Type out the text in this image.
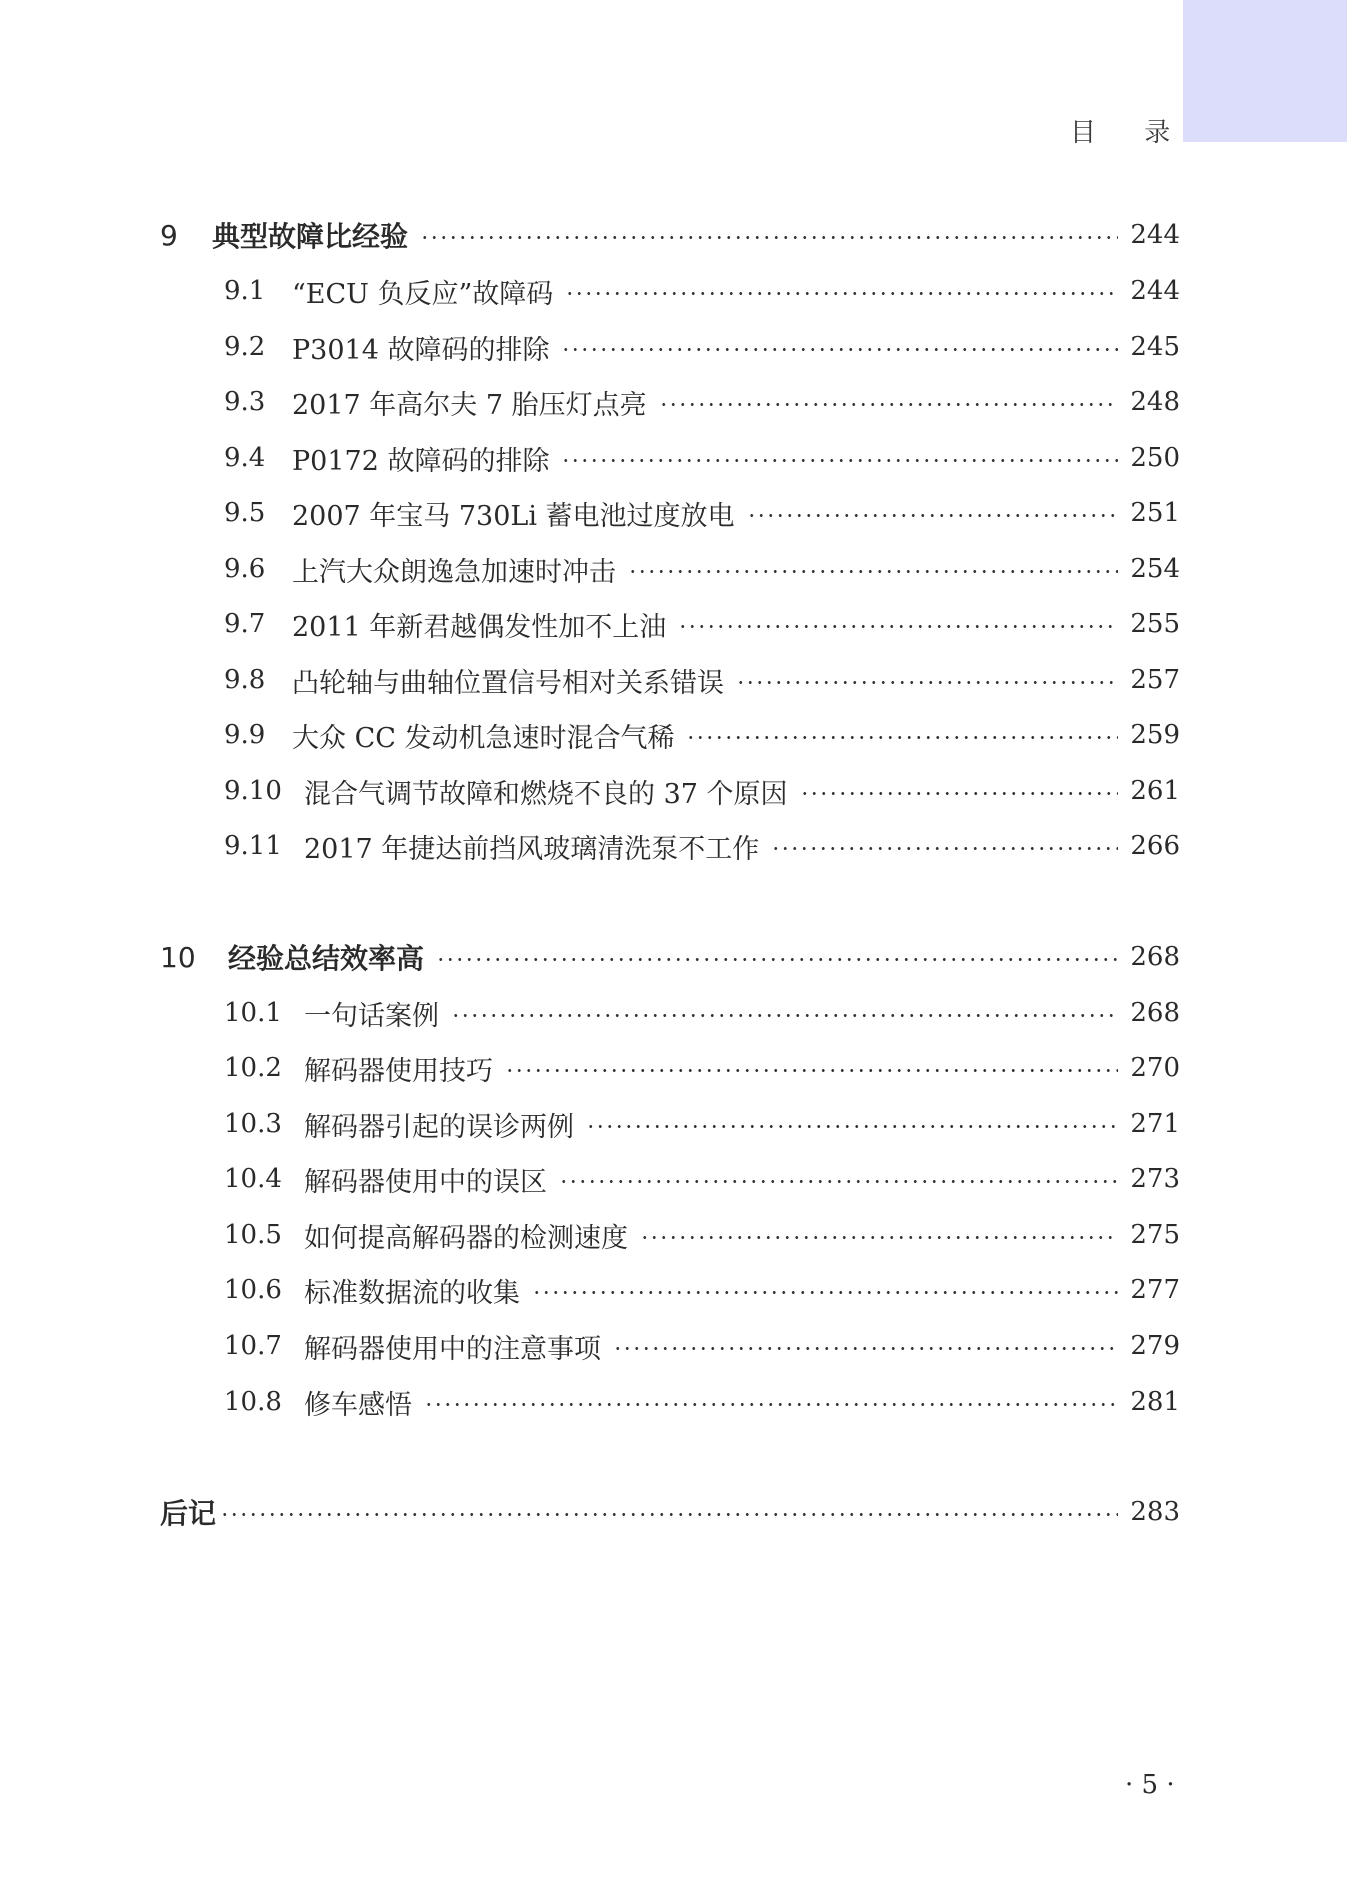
目 录
9	典型故障比经验	244
9.1 “ECU 负反应”故障码	244
9.2 P3014 故障码的排除	245
9.3 2017 年高尔夫 7 胎压灯点亮	248
9.4 P0172 故障码的排除	250
9.5 2007 年宝马 730Li 蓄电池过度放电	251
9.6 上汽大众朗逸急加速时冲击	254
9.7 2011 年新君越偶发性加不上油	255
9.8 凸轮轴与曲轴位置信号相对关系错误	257
9.9 大众 CC 发动机急速时混合气稀	259
9.10 混合气调节故障和燃烧不良的 37 个原因	261
9.11 2017 年捷达前挡风玻璃清洗泵不工作	266
10	经验总结效率高	268
10.1 一句话案例	268
10.2 解码器使用技巧	270
10.3 解码器引起的误诊两例	271
10.4 解码器使用中的误区	273
10.5 如何提高解码器的检测速度	275
10.6 标准数据流的收集	277
10.7 解码器使用中的注意事项	279
10.8 修车感悟	281
后记	283
· 5 ·
